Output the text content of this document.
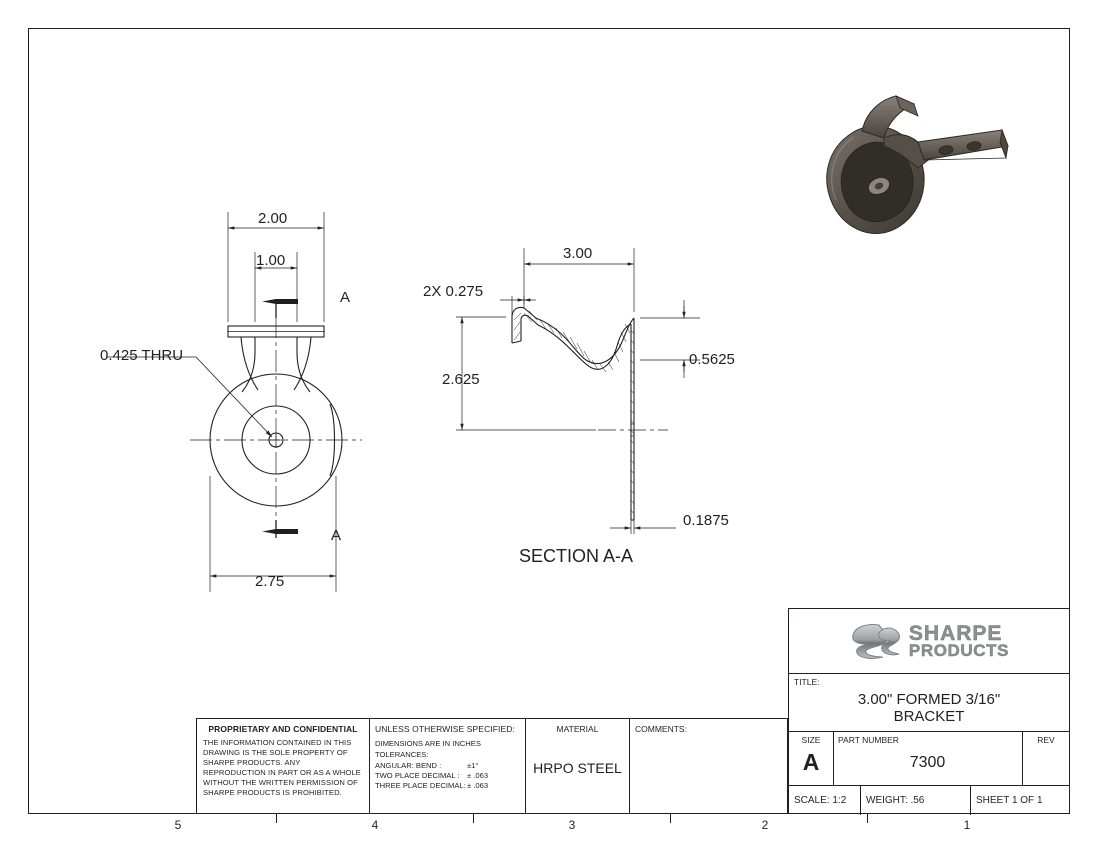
2.00
1.00
2.75
0.425 THRU
3.00
2X 0.275
2.625
0.5625
0.1875
SECTION A-A
A
A
5	4	3	2	1
PROPRIETARY AND CONFIDENTIAL
THE INFORMATION CONTAINED IN THIS DRAWING IS THE SOLE PROPERTY OF SHARPE PRODUCTS. ANY REPRODUCTION IN PART OR AS A WHOLE WITHOUT THE WRITTEN PERMISSION OF SHARPE PRODUCTS IS PROHIBITED.
UNLESS OTHERWISE SPECIFIED:
DIMENSIONS ARE IN INCHES
TOLERANCES:
ANGULAR: BEND :	±1°
TWO PLACE DECIMAL : ± .063
THREE PLACE DECIMAL: ± .063
MATERIAL
HRPO STEEL
COMMENTS:
SHARPE
PRODUCTS
TITLE:
3.00" FORMED 3/16"
BRACKET
SIZE
A
PART NUMBER
7300
REV
SCALE: 1:2	WEIGHT: .56	SHEET 1 OF 1
